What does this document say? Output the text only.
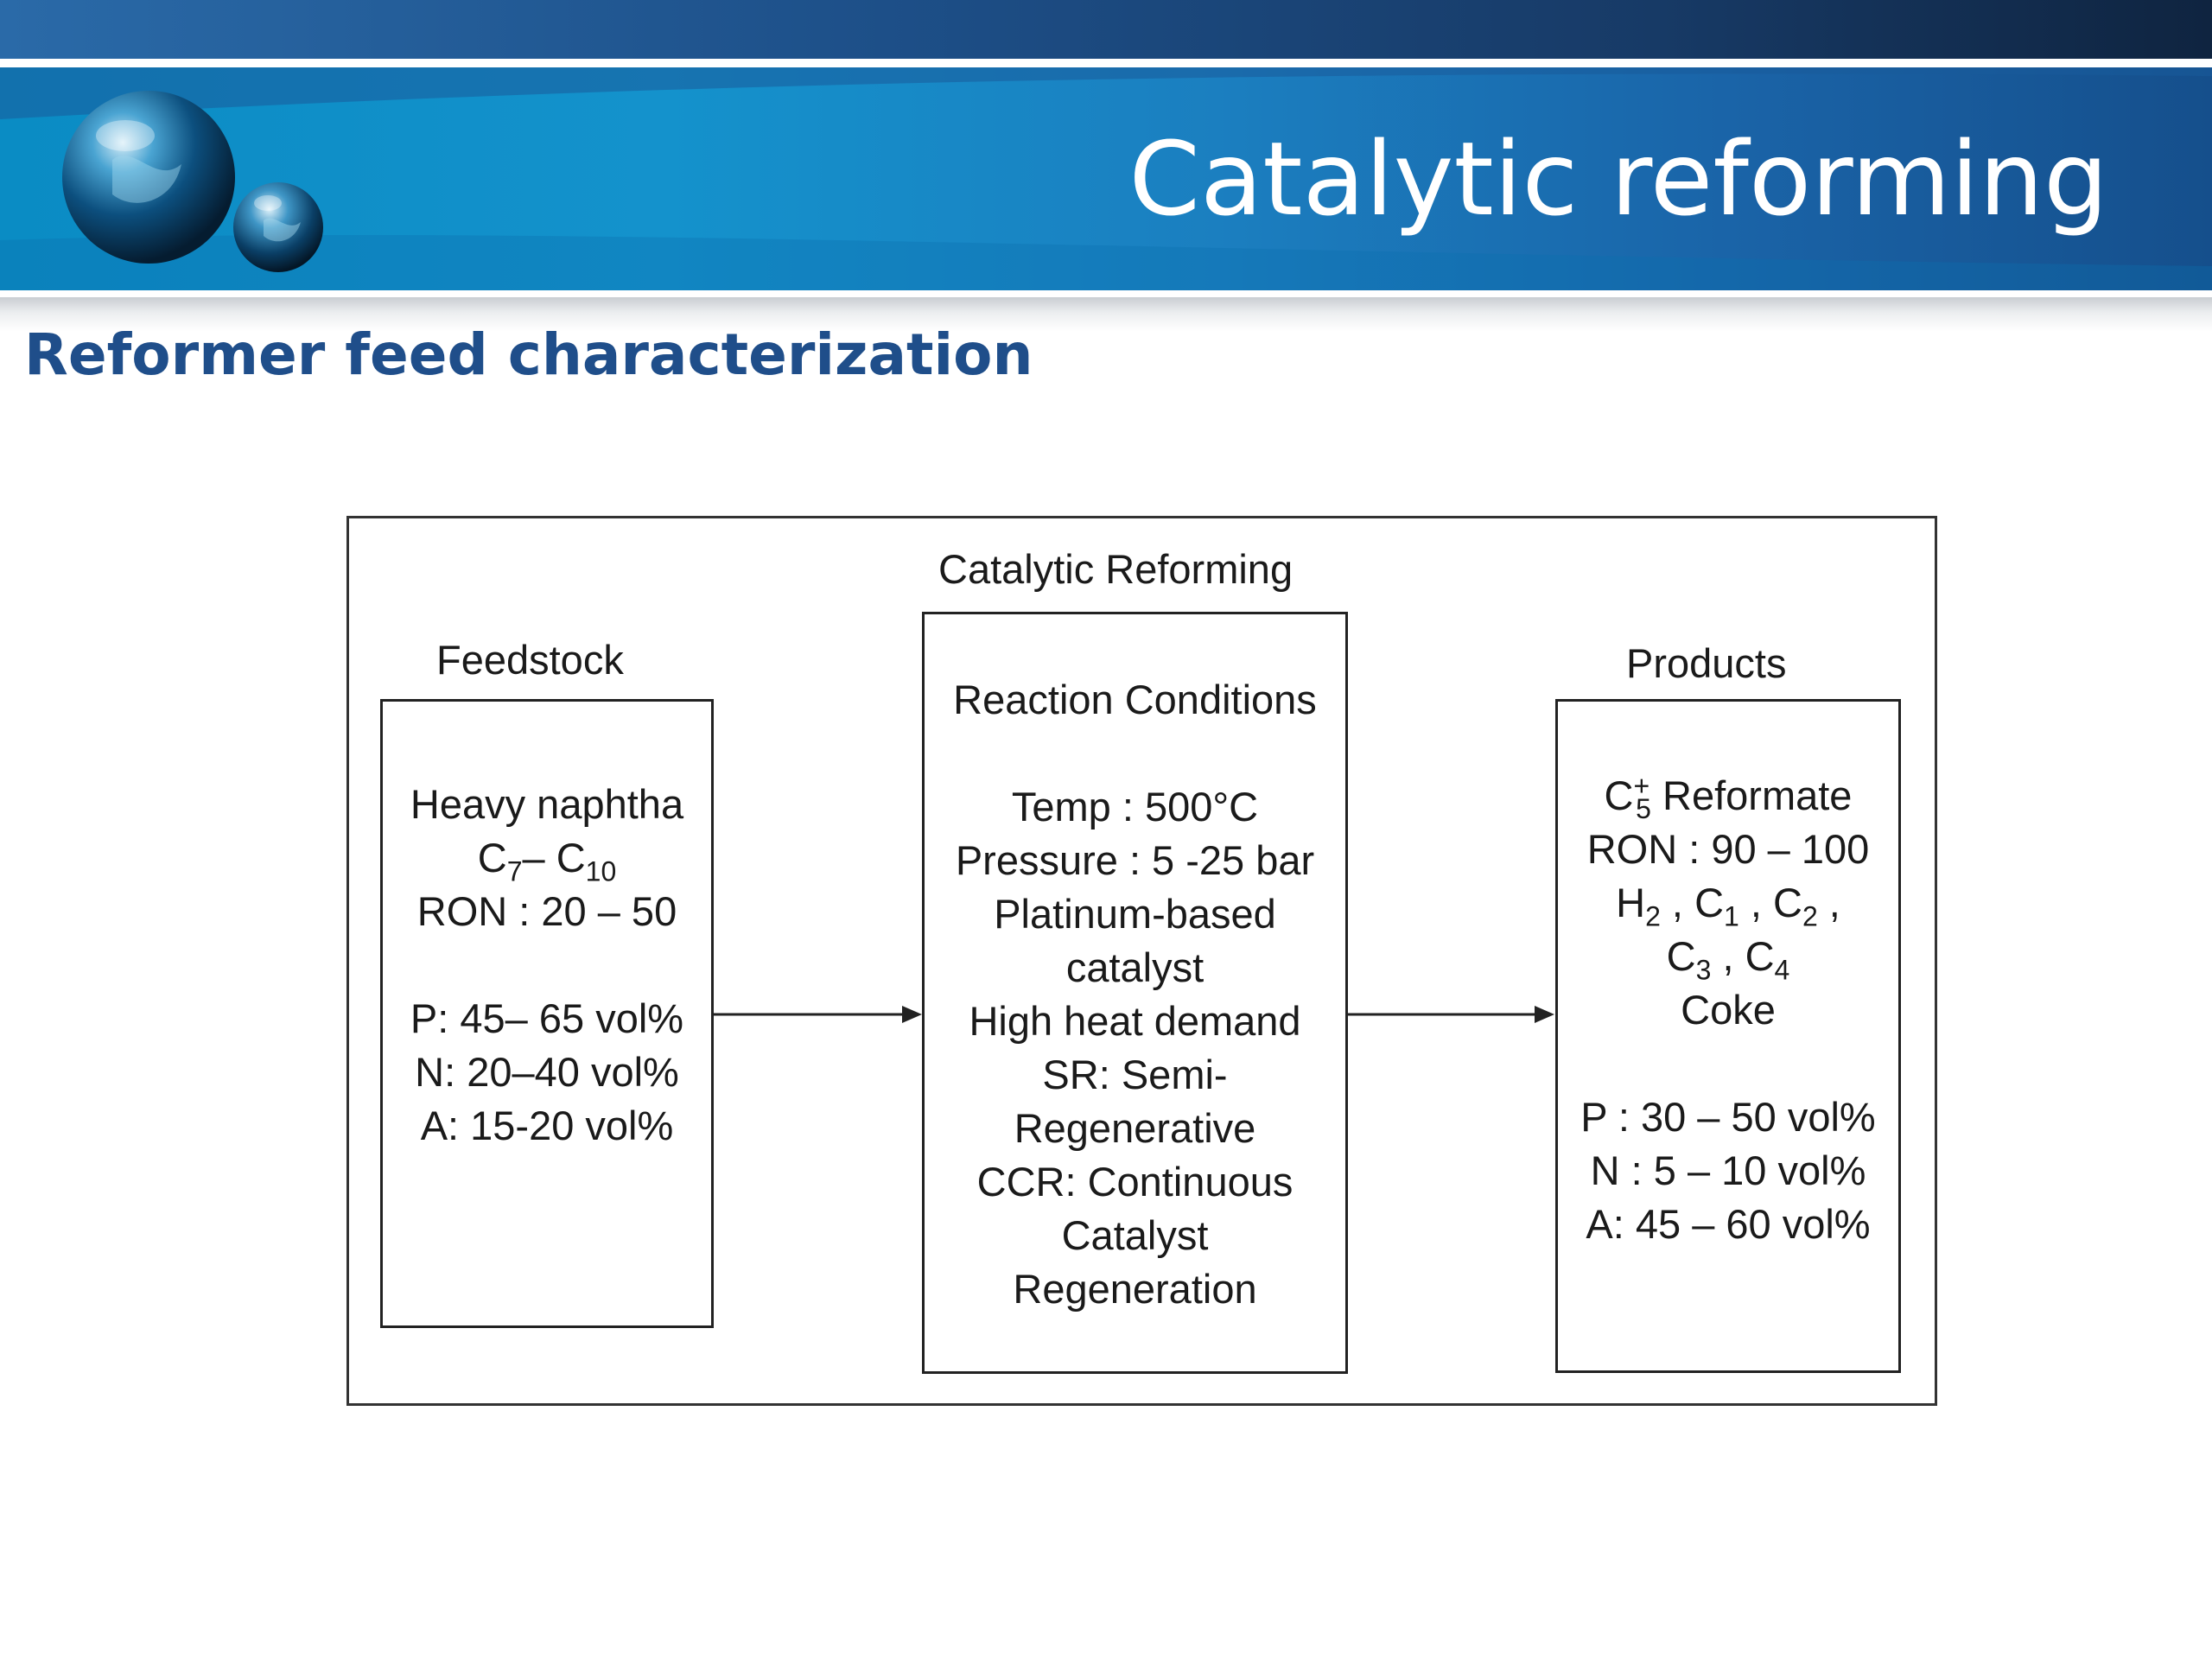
Catalytic reforming
Reformer feed characterization
Catalytic Reforming
Feedstock	Products
Heavy naphtha
$C_7-$ $C_{10}$
RON : 20 – 50
P: 45– 65 vol%
N: 20–40 vol%
A: 15-20 vol%
Reaction Conditions
Temp : 500°C
Pressure : 5 -25 bar
Platinum-based
catalyst
High heat demand
SR: Semi-
Regenerative
CCR: Continuous
Catalyst
Regeneration
$C^+_5$ Reformate
RON : 90 – 100
$H_2$ , $C_1$ , $C_2$ ,
$C_3$ , $C_4$
Coke
P : 30 – 50 vol%
N : 5 – 10 vol%
A: 45 – 60 vol%
